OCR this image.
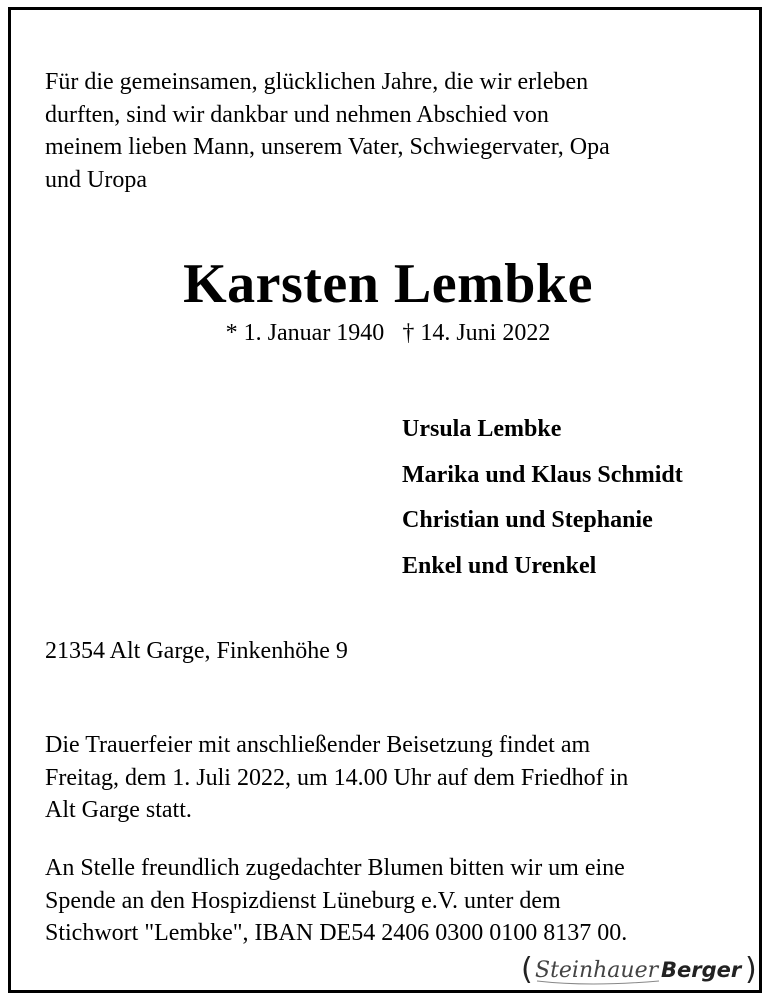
Für die gemeinsamen, glücklichen Jahre, die wir erleben
durften, sind wir dankbar und nehmen Abschied von
meinem lieben Mann, unserem Vater, Schwiegervater, Opa
und Uropa

Karsten Lembke
* 1. Januar 1940 † 14. Juni 2022
Ursula Lembke
Marika und Klaus Schmidt
Christian und Stephanie
Enkel und Urenkel

21354 Alt Garge, Finkenhöhe 9

Die Trauerfeier mit anschließender Beisetzung findet am
Freitag, dem 1. Juli 2022, um 14.00 Uhr auf dem Friedhof in
Alt Garge statt.

An Stelle freundlich zugedachter Blumen bitten wir um eine
Spende an den Hospizdienst Lüneburg e.V. unter dem
Stichwort "Lembke", IBAN DE54 2406 0300 0100 8137 00.

( Steinhauer Berger )
